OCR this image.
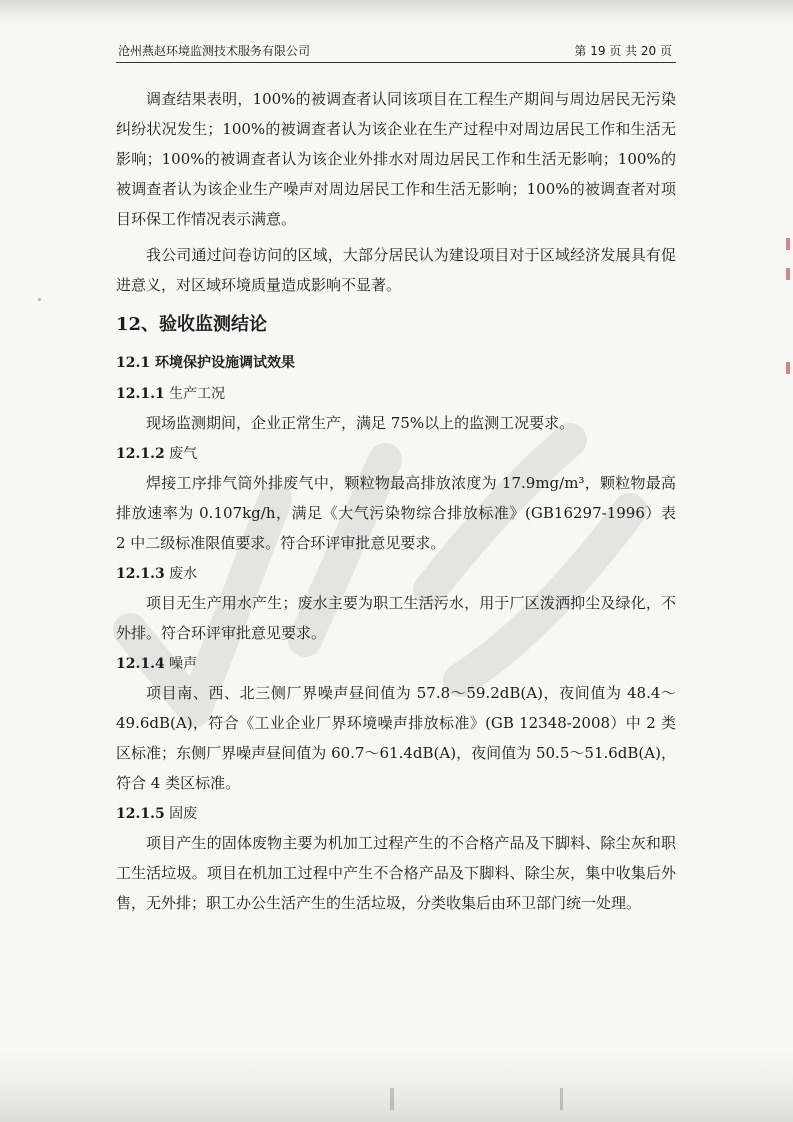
沧州燕赵环境监测技术服务有限公司	第 19 页 共 20 页

调查结果表明，100%的被调查者认同该项目在工程生产期间与周边居民无污染纠纷状况发生；100%的被调查者认为该企业在生产过程中对周边居民工作和生活无影响；100%的被调查者认为该企业外排水对周边居民工作和生活无影响；100%的被调查者认为该企业生产噪声对周边居民工作和生活无影响；100%的被调查者对项目环保工作情况表示满意。

我公司通过问卷访问的区域，大部分居民认为建设项目对于区域经济发展具有促进意义，对区域环境质量造成影响不显著。

12、验收监测结论
12.1 环境保护设施调试效果
12.1.1 生产工况

现场监测期间，企业正常生产，满足 75%以上的监测工况要求。

12.1.2 废气

焊接工序排气筒外排废气中，颗粒物最高排放浓度为 17.9mg/m³，颗粒物最高排放速率为 0.107kg/h，满足《大气污染物综合排放标准》(GB16297-1996）表 2 中二级标准限值要求。符合环评审批意见要求。

12.1.3 废水

项目无生产用水产生；废水主要为职工生活污水，用于厂区泼洒抑尘及绿化，不外排。符合环评审批意见要求。

12.1.4 噪声

项目南、西、北三侧厂界噪声昼间值为 57.8～59.2dB(A)，夜间值为 48.4～49.6dB(A)，符合《工业企业厂界环境噪声排放标准》(GB 12348-2008）中 2 类区标准；东侧厂界噪声昼间值为 60.7～61.4dB(A)，夜间值为 50.5～51.6dB(A)，符合 4 类区标准。

12.1.5 固废

项目产生的固体废物主要为机加工过程产生的不合格产品及下脚料、除尘灰和职工生活垃圾。项目在机加工过程中产生不合格产品及下脚料、除尘灰，集中收集后外售，无外排；职工办公生活产生的生活垃圾，分类收集后由环卫部门统一处理。
